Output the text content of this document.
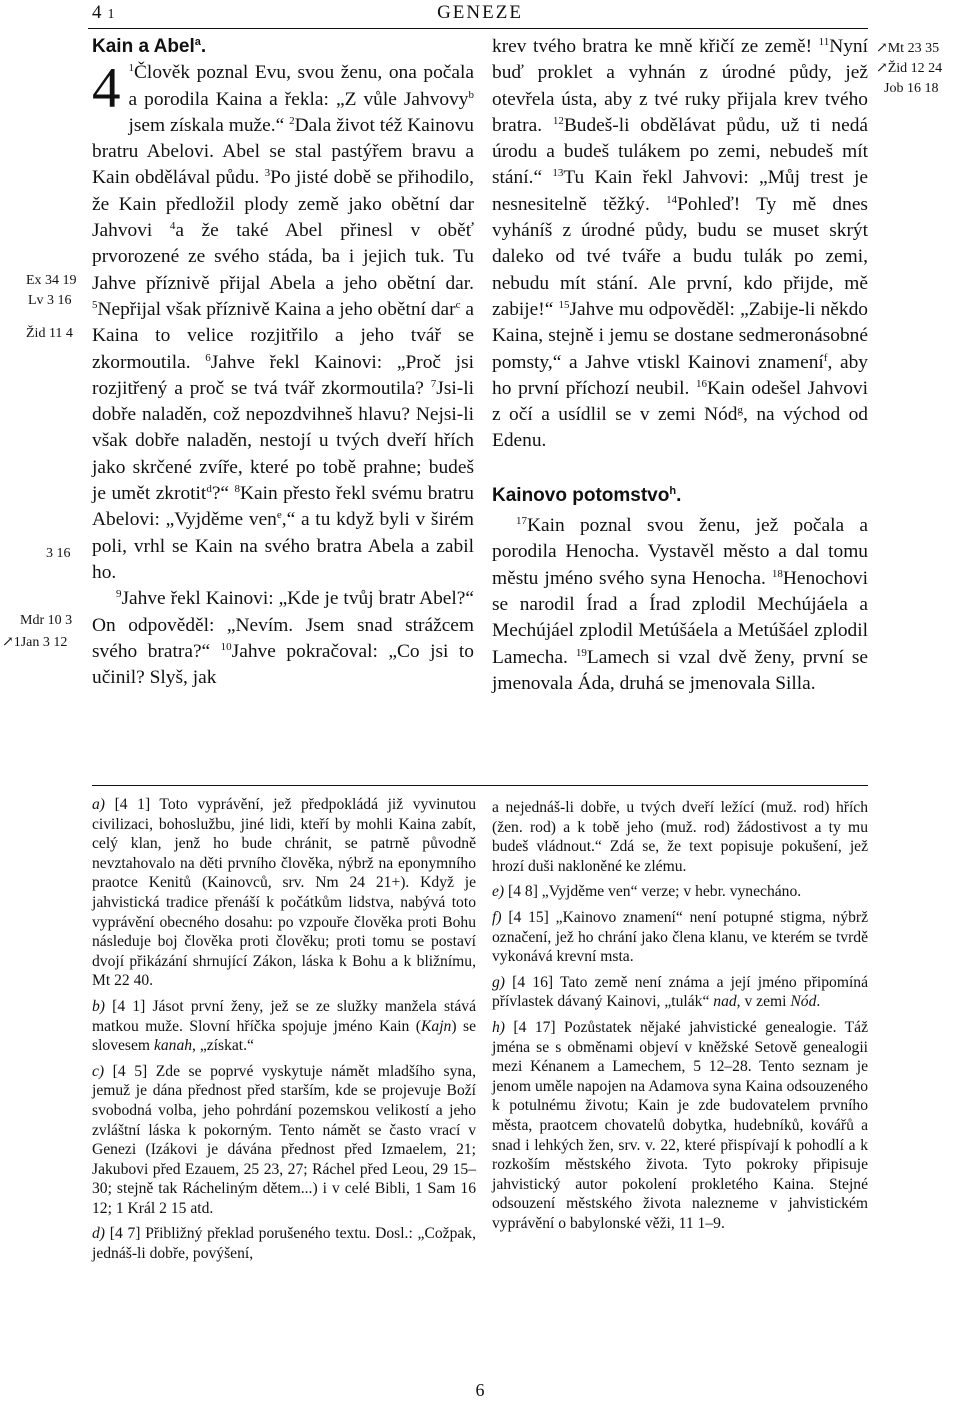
4 1	GENEZE
Ex 34 19
Lv 3 16
Žid 11 4
3 16
Mdr 10 3
↗1Jan 3 12
↗Mt 23 35
↗Žid 12 24
Job 16 18

Kain a Abel$^a$.

4 $^1$Člověk poznal Evu, svou ženu, ona počala a porodila Kaina a řekla: „Z vůle Jahvovy$^b$ jsem získala muže.“ $^2$Dala život též Kainovu bratru Abelovi. Abel se stal pastýřem bravu a Kain obdělával půdu. $^3$Po jisté době se přihodilo, že Kain předložil plody země jako obětní dar Jahvovi $^4$a že také Abel přinesl v oběť prvorozené ze svého stáda, ba i jejich tuk. Tu Jahve příznivě přijal Abela a jeho obětní dar. $^5$Nepřijal však příznivě Kaina a jeho obětní dar$^c$ a Kaina to velice rozjitřilo a jeho tvář se zkormoutila. $^6$Jahve řekl Kainovi: „Proč jsi rozjitřený a proč se tvá tvář zkormoutila? $^7$Jsi-li dobře naladěn, což nepozdvihneš hlavu? Nejsi-li však dobře naladěn, nestojí u tvých dveří hřích jako skrčené zvíře, které po tobě prahne; budeš je umět zkrotit$^d$?“ $^8$Kain přesto řekl svému bratru Abelovi: „Vyjděme ven$^e$,“ a tu když byli v širém poli, vrhl se Kain na svého bratra Abela a zabil ho.

$^9$Jahve řekl Kainovi: „Kde je tvůj bratr Abel?“ On odpověděl: „Nevím. Jsem snad strážcem svého bratra?“ $^{10}$Jahve pokračoval: „Co jsi to učinil? Slyš, jak

krev tvého bratra ke mně křičí ze země! $^{11}$Nyní buď proklet a vyhnán z úrodné půdy, jež otevřela ústa, aby z tvé ruky přijala krev tvého bratra. $^{12}$Budeš-li obdělávat půdu, už ti nedá úrodu a budeš tulákem po zemi, nebudeš mít stání.“ $^{13}$Tu Kain řekl Jahvovi: „Můj trest je nesnesitelně těžký. $^{14}$Pohleď! Ty mě dnes vyháníš z úrodné půdy, budu se muset skrýt daleko od tvé tváře a budu tulák po zemi, nebudu mít stání. Ale první, kdo přijde, mě zabije!“ $^{15}$Jahve mu odpověděl: „Zabije-li někdo Kaina, stejně i jemu se dostane sedmeronásobné pomsty,“ a Jahve vtiskl Kainovi znamení$^f$, aby ho první příchozí neubil. $^{16}$Kain odešel Jahvovi z očí a usídlil se v zemi Nód$^g$, na východ od Edenu.

Kainovo potomstvo$^h$.

$^{17}$Kain poznal svou ženu, jež počala a porodila Henocha. Vystavěl město a dal tomu městu jméno svého syna Henocha. $^{18}$Henochovi se narodil Írad a Írad zplodil Mechújáela a Mechújáel zplodil Metúšáela a Metúšáel zplodil Lamecha. $^{19}$Lamech si vzal dvě ženy, první se jmenovala Áda, druhá se jmenovala Silla.

a) [4 1] Toto vyprávění, jež předpokládá již vyvinutou civilizaci, bohoslužbu, jiné lidi, kteří by mohli Kaina zabít, celý klan, jenž ho bude chránit, se patrně původně nevztahovalo na děti prvního člověka, nýbrž na eponymního praotce Kenitů (Kainovců, srv. Nm 24 21+). Když je jahvistická tradice přenáší k počátkům lidstva, nabývá toto vyprávění obecného dosahu: po vzpouře člověka proti Bohu následuje boj člověka proti člověku; proti tomu se postaví dvojí přikázání shrnující Zákon, láska k Bohu a k bližnímu, Mt 22 40.

b) [4 1] Jásot první ženy, jež se ze služky manželа stává matkou muže. Slovní hříčka spojuje jméno Kain (Kajn) se slovesem kanah, „získat.“

c) [4 5] Zde se poprvé vyskytuje námět mladšího syna, jemuž je dána přednost před starším, kde se projevuje Boží svobodná volba, jeho pohrdání pozemskou velikostí a jeho zvláštní láska k pokorným. Tento námět se často vrací v Genezi (Izákovi je dávána přednost před Izmaelem, 21; Jakubovi před Ezauem, 25 23, 27; Ráchel před Leou, 29 15–30; stejně tak Rácheliným dětem...) i v celé Bibli, 1 Sam 16 12; 1 Král 2 15 atd.

d) [4 7] Přibližný překlad porušeného textu. Dosl.: „Cožpak, jednáš-li dobře, povýšení,

a nejednáš-li dobře, u tvých dveří ležící (muž. rod) hřích (žen. rod) a k tobě jeho (muž. rod) žádostivost a ty mu budeš vládnout.“ Zdá se, že text popisuje pokušení, jež hrozí duši nakloněné ke zlému.

e) [4 8] „Vyjděme ven“ verze; v hebr. vynecháno.

f) [4 15] „Kainovo znamení“ není potupné stigma, nýbrž označení, jež ho chrání jako člena klanu, ve kterém se tvrdě vykonává krevní msta.

g) [4 16] Tato země není známa a její jméno připomíná přívlastek dávaný Kainovi, „tulák“ nad, v zemi Nód.

h) [4 17] Pozůstatek nějaké jahvistické genealogie. Táž jména se s obměnami objeví v kněžské Setově genealogii mezi Kénanem a Lamechem, 5 12–28. Tento seznam je jenom uměle napojen na Adamova syna Kaina odsouzeného k potulnému životu; Kain je zde budovatelem prvního města, praotcem chovatelů dobytka, hudebníků, kovářů a snad i lehkých žen, srv. v. 22, které přispívají k pohodlí a k rozkoším městského života. Tyto pokroky připisuje jahvistický autor pokolení prokletého Kaina. Stejné odsouzení městského života nalezneme v jahvistickém vyprávění o babylonské věži, 11 1–9.

6
